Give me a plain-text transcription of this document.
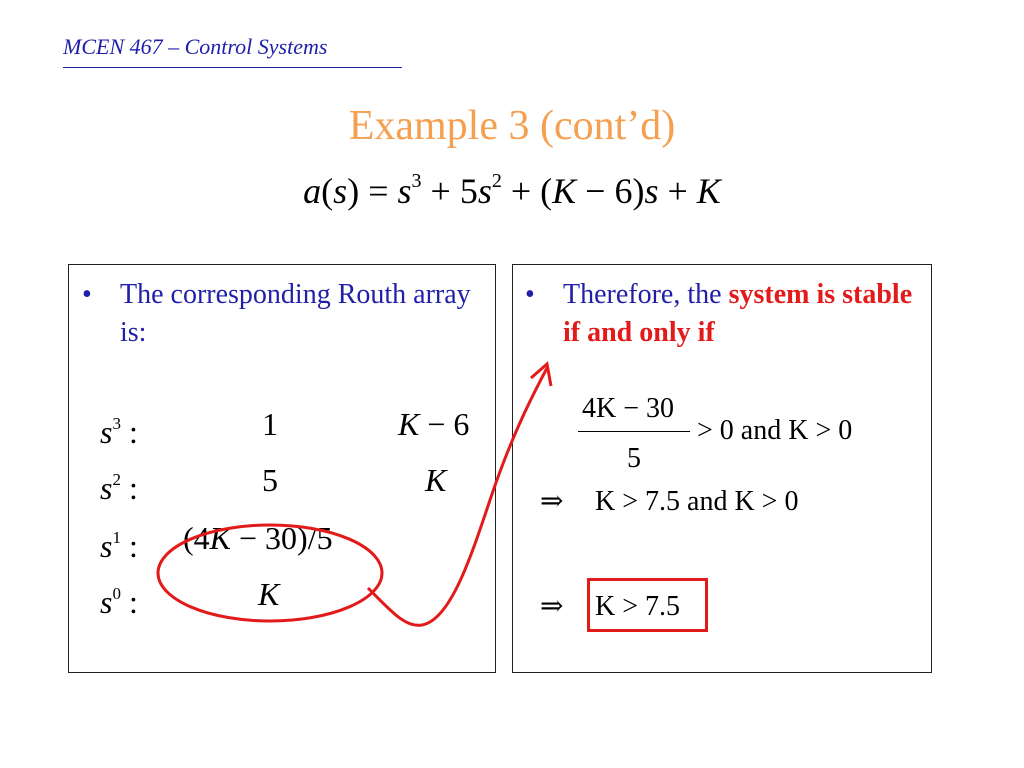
MCEN 467 – Control Systems
Example 3 (cont’d)
$a(s) = s^3 + 5s^2 + (K - 6)s + K$
• The corresponding Routh array is:
$s^3$ :	1	K − 6
$s^2$ :	5	K
$s^1$ : (4K − 30)/5
$s^0$ :	K
• Therefore, the system is stable if and only if
4K − 30
5
> 0 and K > 0
⇒ K > 7.5 and K > 0
⇒ K > 7.5
